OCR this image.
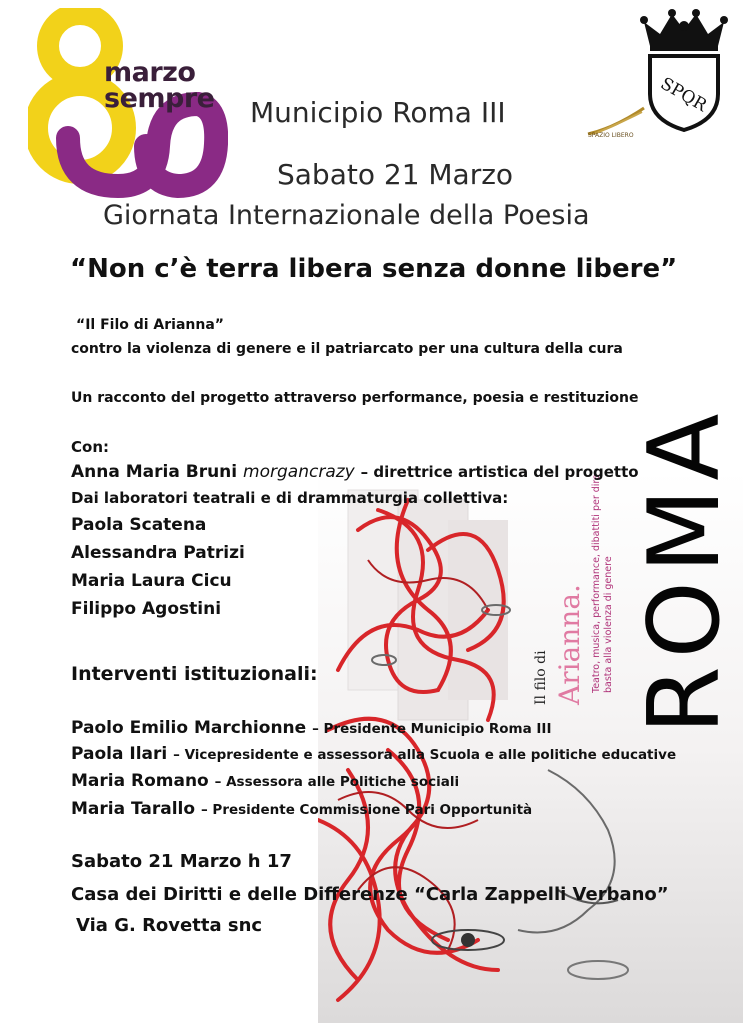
marzo
sempre	SPQR
SPAZIO LIBERO
Municipio Roma III
Sabato 21 Marzo
Giornata Internazionale della Poesia
“Non c’è terra libera senza donne libere”
Il filo di Arianna. Teatro, musica, performance, dibattiti per dire basta alla violenza di genere ROMA
“Il Filo di Arianna”
contro la violenza di genere e il patriarcato per una cultura della cura
Un racconto del progetto attraverso performance, poesia e restituzione
Con:
Anna Maria Bruni morgancrazy – direttrice artistica del progetto
Dai laboratori teatrali e di drammaturgia collettiva:
Paola Scatena
Alessandra Patrizi
Maria Laura Cicu
Filippo Agostini
Interventi istituzionali:
Paolo Emilio Marchionne – Presidente Municipio Roma III
Paola Ilari – Vicepresidente e assessora alla Scuola e alle politiche educative
Maria Romano – Assessora alle Politiche sociali
Maria Tarallo – Presidente Commissione Pari Opportunità
Sabato 21 Marzo h 17
Casa dei Diritti e delle Differenze “Carla Zappelli Verbano”
Via G. Rovetta snc
